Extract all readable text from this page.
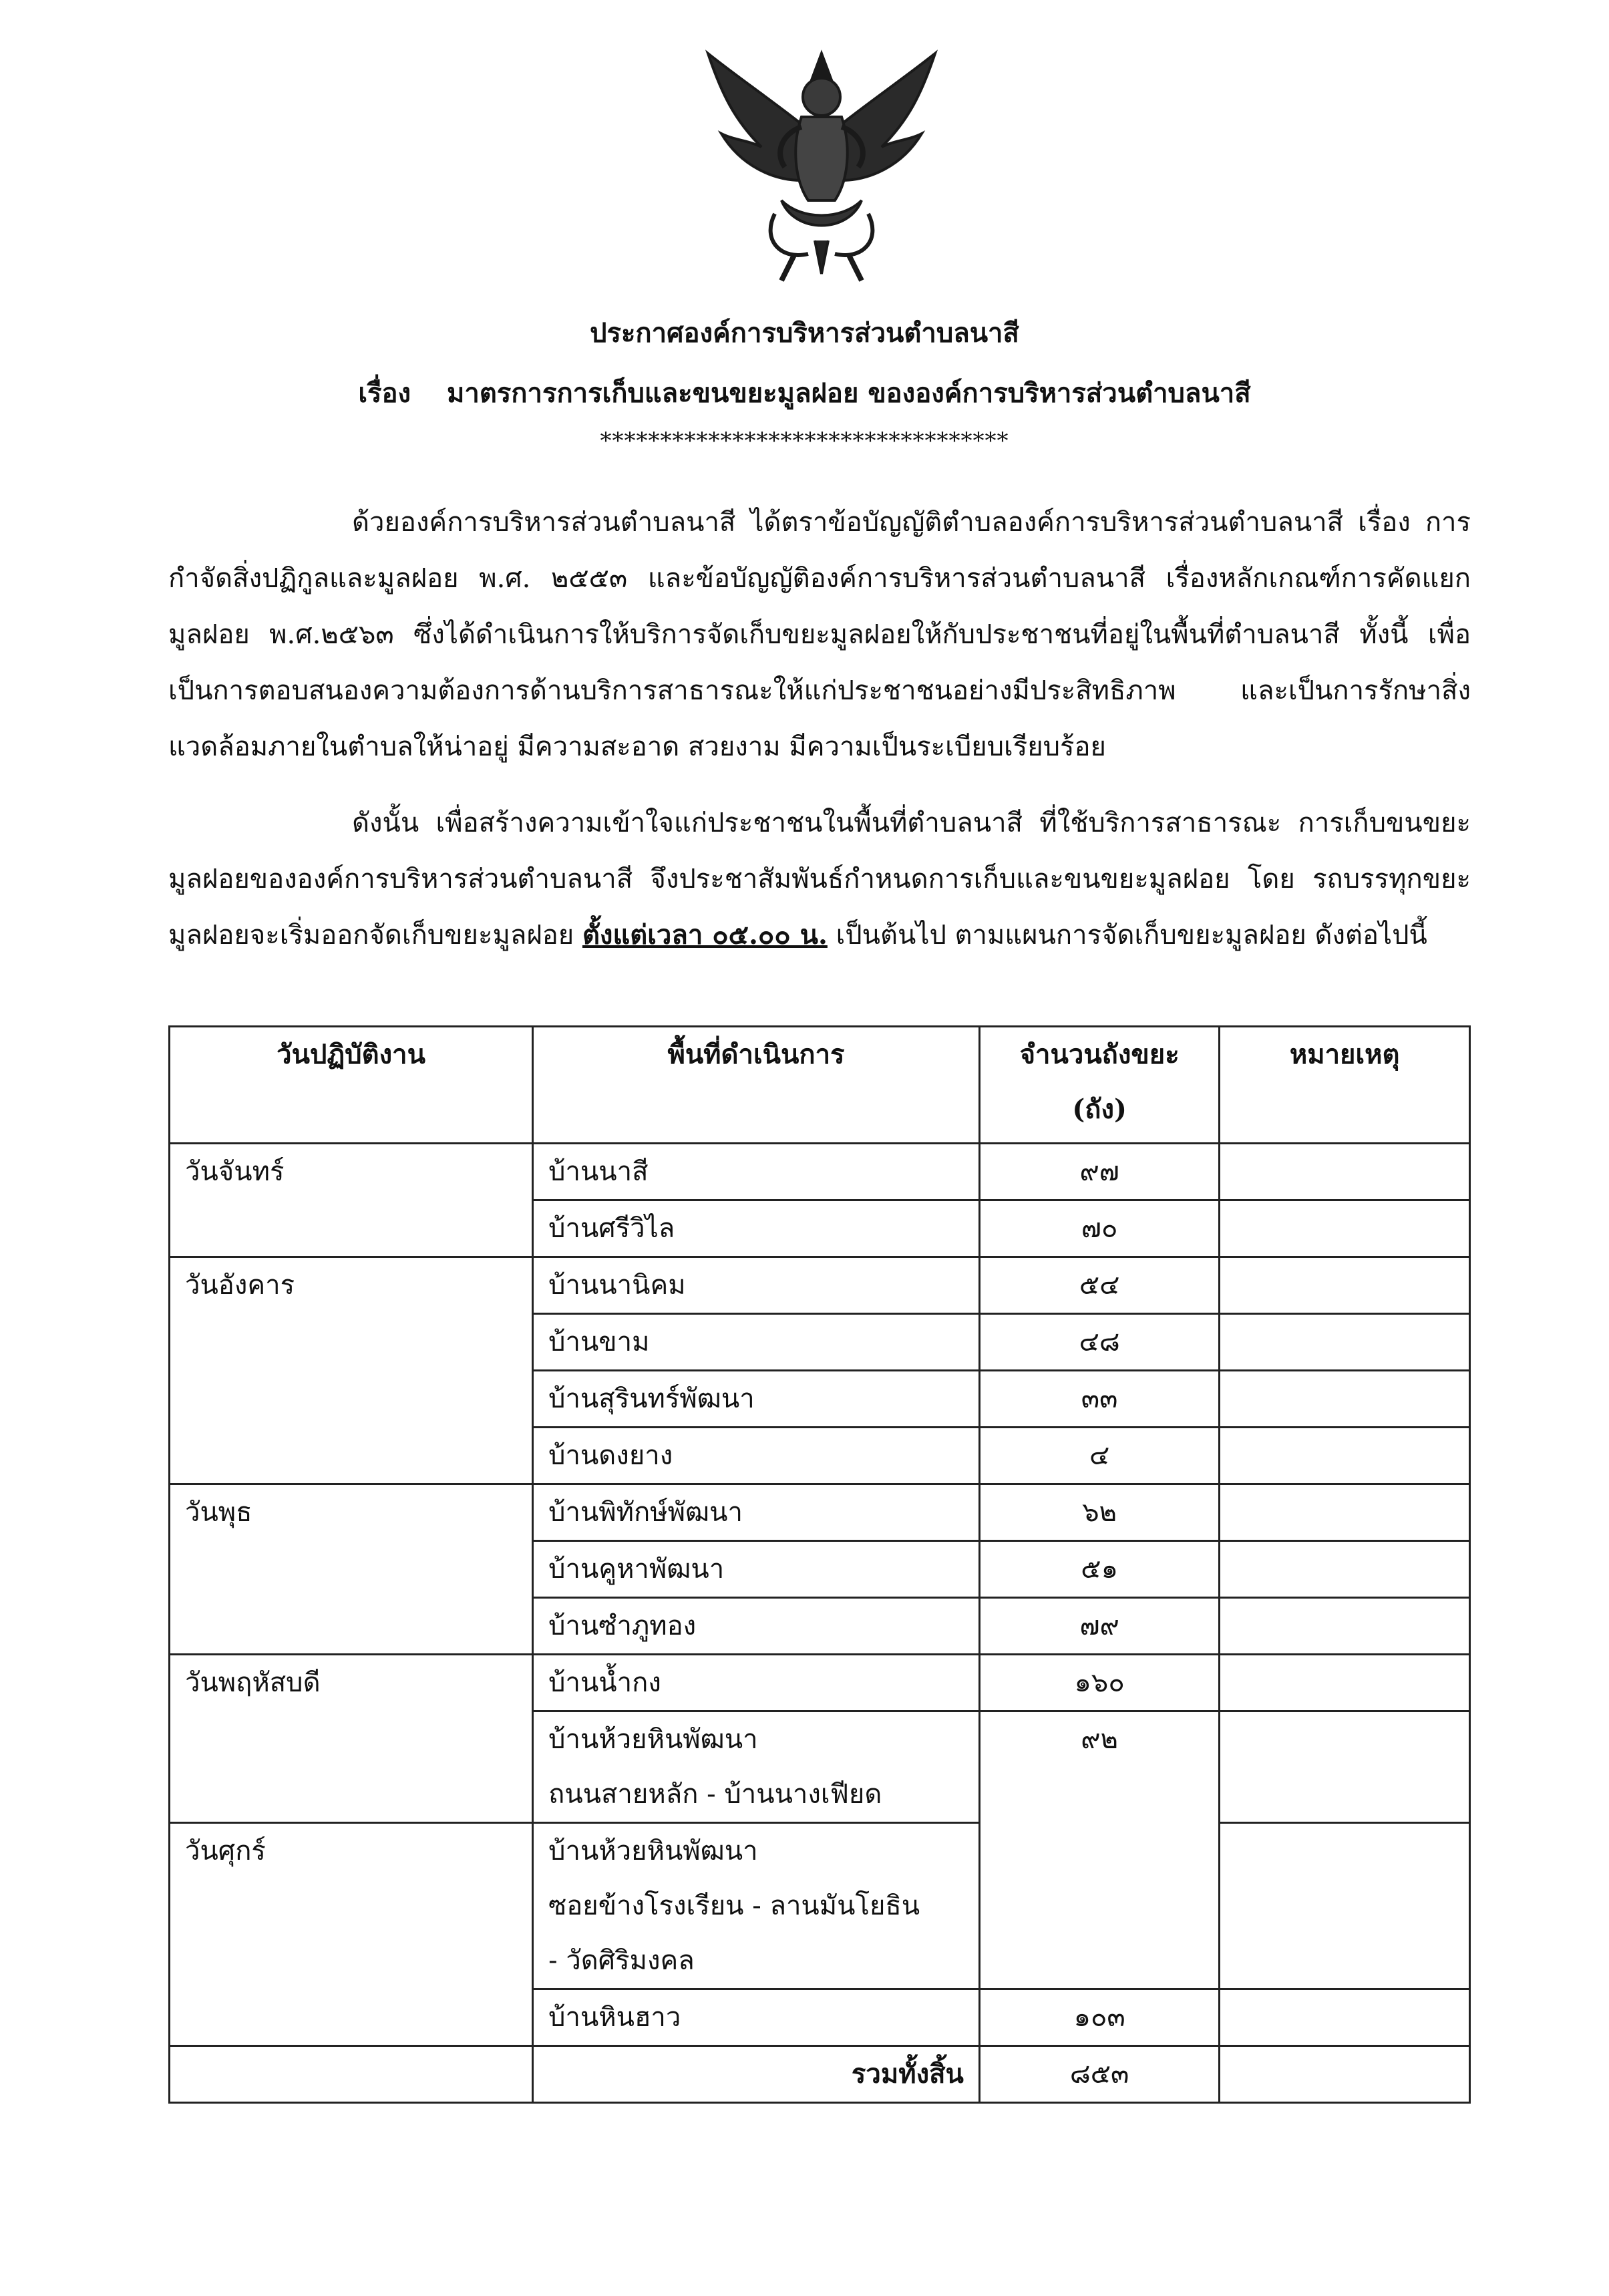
ประกาศองค์การบริหารส่วนตำบลนาสี
เรื่อง มาตรการการเก็บและขนขยะมูลฝอย ขององค์การบริหารส่วนตำบลนาสี
**********************************

ด้วยองค์การบริหารส่วนตำบลนาสี ได้ตราข้อบัญญัติตำบลองค์การบริหารส่วนตำบลนาสี เรื่อง การกำจัดสิ่งปฏิกูลและมูลฝอย พ.ศ. ๒๕๕๓ และข้อบัญญัติองค์การบริหารส่วนตำบลนาสี เรื่องหลักเกณฑ์การคัดแยกมูลฝอย พ.ศ.๒๕๖๓ ซึ่งได้ดำเนินการให้บริการจัดเก็บขยะมูลฝอยให้กับประชาชนที่อยู่ในพื้นที่ตำบลนาสี ทั้งนี้ เพื่อเป็นการตอบสนองความต้องการด้านบริการสาธารณะให้แก่ประชาชนอย่างมีประสิทธิภาพ และเป็นการรักษาสิ่งแวดล้อมภายในตำบลให้น่าอยู่ มีความสะอาด สวยงาม มีความเป็นระเบียบเรียบร้อย

ดังนั้น เพื่อสร้างความเข้าใจแก่ประชาชนในพื้นที่ตำบลนาสี ที่ใช้บริการสาธารณะ การเก็บขนขยะมูลฝอยขององค์การบริหารส่วนตำบลนาสี จึงประชาสัมพันธ์กำหนดการเก็บและขนขยะมูลฝอย โดย รถบรรทุกขยะมูลฝอยจะเริ่มออกจัดเก็บขยะมูลฝอย ตั้งแต่เวลา ๐๕.๐๐ น. เป็นต้นไป ตามแผนการจัดเก็บขยะมูลฝอย ดังต่อไปนี้

วันปฏิบัติงาน	พื้นที่ดำเนินการ	จำนวนถังขยะ (ถัง)	หมายเหตุ
วันจันทร์	บ้านนาสี	๙๗	
	บ้านศรีวิไล	๗๐	
วันอังคาร	บ้านนานิคม	๕๔	
	บ้านขาม	๔๘	
	บ้านสุรินทร์พัฒนา	๓๓	
	บ้านดงยาง	๔	
วันพุธ	บ้านพิทักษ์พัฒนา	๖๒	
	บ้านคูหาพัฒนา	๕๑	
	บ้านซำภูทอง	๗๙	
วันพฤหัสบดี	บ้านน้ำกง	๑๖๐	

	บ้านห้วยหินพัฒนา
ถนนสายหลัก - บ้านนางเฟียด	๙๒	
วันศุกร์	บ้านห้วยหินพัฒนา
ซอยข้างโรงเรียน - ลานมันโยธิน
- วัดศิริมงคล		

	บ้านหินฮาว	๑๐๓	
	รวมทั้งสิ้น	๘๕๓	
